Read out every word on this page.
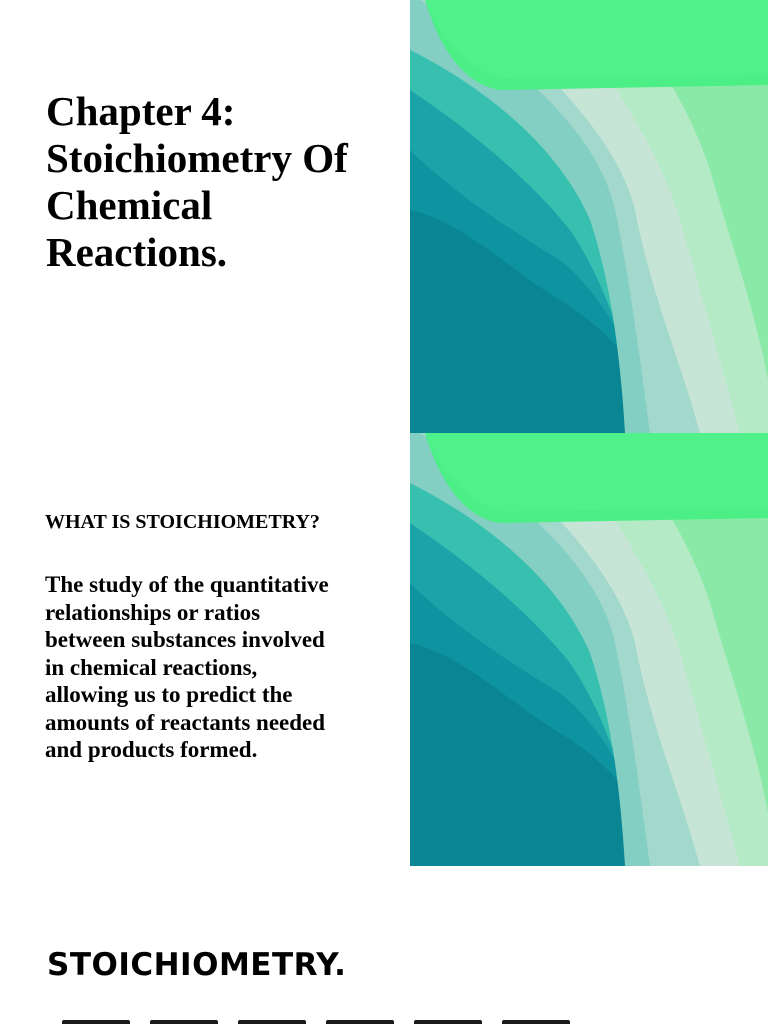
Chapter 4: Stoichiometry Of Chemical Reactions.
WHAT IS STOICHIOMETRY?

The study of the quantitative relationships or ratios between substances involved in chemical reactions, allowing us to predict the amounts of reactants needed and products formed.

STOICHIOMETRY.
